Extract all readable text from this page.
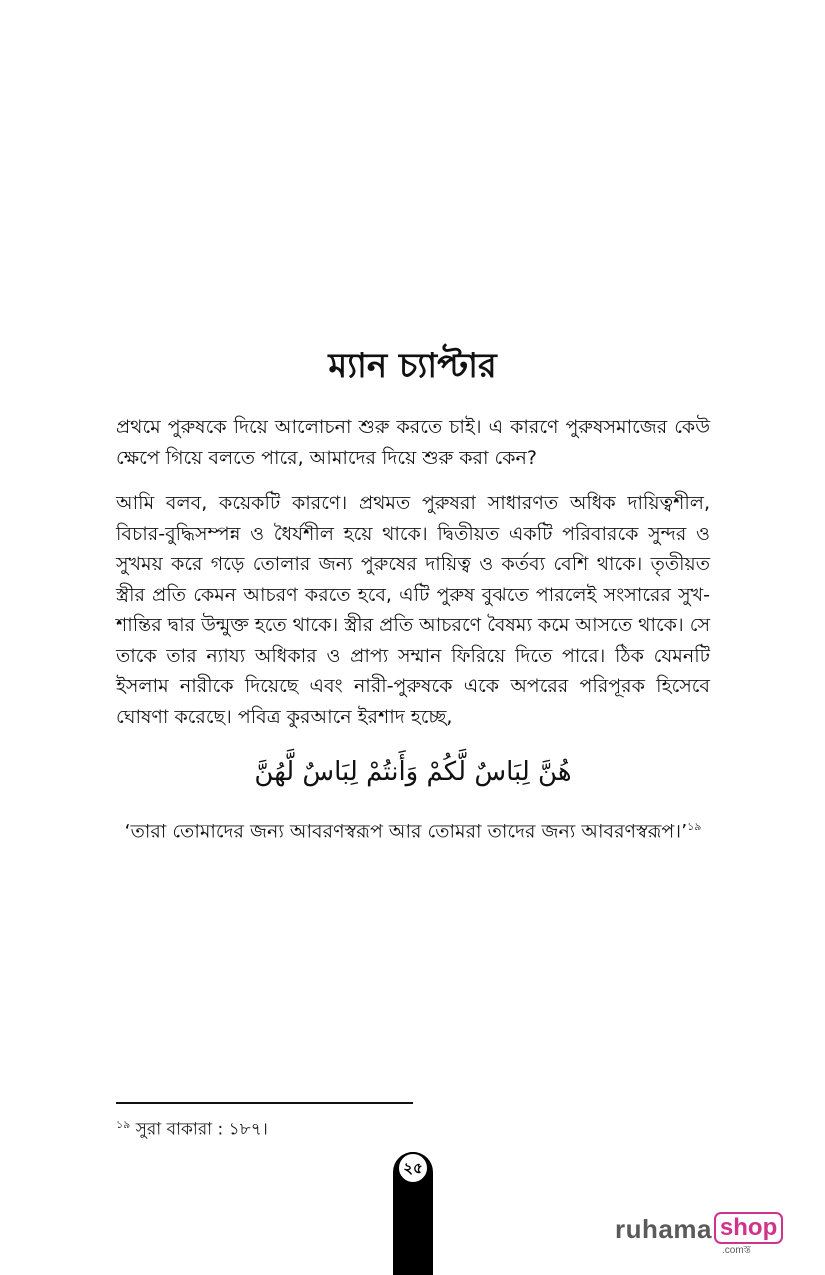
ম্যান চ্যাপ্টার

প্রথমে পুরুষকে দিয়ে আলোচনা শুরু করতে চাই। এ কারণে পুরুষসমাজের কেউ ক্ষেপে গিয়ে বলতে পারে, আমাদের দিয়ে শুরু করা কেন?

আমি বলব, কয়েকটি কারণে। প্রথমত পুরুষরা সাধারণত অধিক দায়িত্বশীল, বিচার-বুদ্ধিসম্পন্ন ও ধৈর্যশীল হয়ে থাকে। দ্বিতীয়ত একটি পরিবারকে সুন্দর ও সুখময় করে গড়ে তোলার জন্য পুরুষের দায়িত্ব ও কর্তব্য বেশি থাকে। তৃতীয়ত স্ত্রীর প্রতি কেমন আচরণ করতে হবে, এটি পুরুষ বুঝতে পারলেই সংসারের সুখ-শান্তির দ্বার উন্মুক্ত হতে থাকে। স্ত্রীর প্রতি আচরণে বৈষম্য কমে আসতে থাকে। সে তাকে তার ন্যায্য অধিকার ও প্রাপ্য সম্মান ফিরিয়ে দিতে পারে। ঠিক যেমনটি ইসলাম নারীকে দিয়েছে এবং নারী-পুরুষকে একে অপরের পরিপূরক হিসেবে ঘোষণা করেছে। পবিত্র কুরআনে ইরশাদ হচ্ছে,

هُنَّ لِبَاسٌ لَّكُمْ وَأَنتُمْ لِبَاسٌ لَّهُنَّ
‘তারা তোমাদের জন্য আবরণস্বরূপ আর তোমরা তাদের জন্য আবরণস্বরূপ।’$^{১৯}$
$^{১৯}$ সুরা বাকারা : ১৮৭।
২৫
ruhama shop
.comস্ত
